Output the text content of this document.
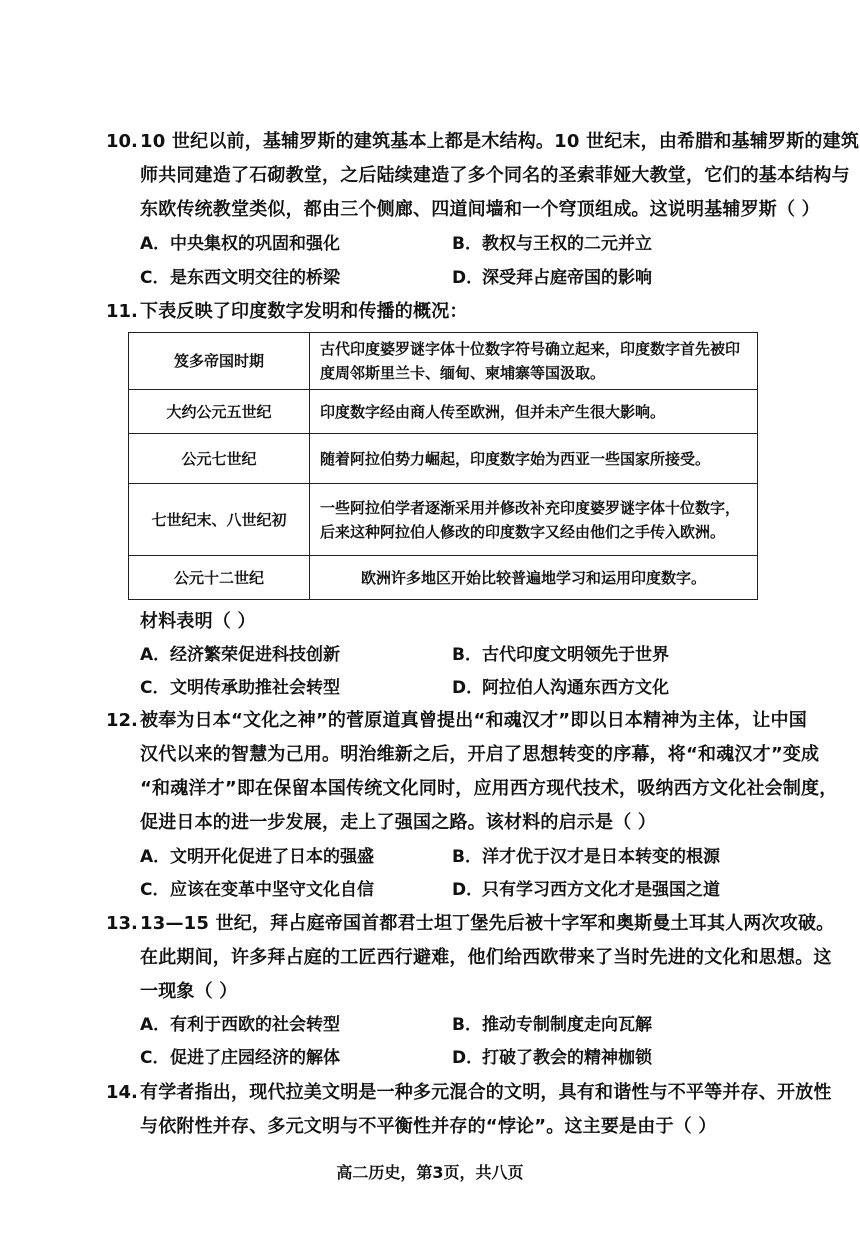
10. 10 世纪以前，基辅罗斯的建筑基本上都是木结构。10 世纪末，由希腊和基辅罗斯的建筑
师共同建造了石砌教堂，之后陆续建造了多个同名的圣索菲娅大教堂，它们的基本结构与
东欧传统教堂类似，都由三个侧廊、四道间墙和一个穹顶组成。这说明基辅罗斯（ ）
A．中央集权的巩固和强化	B．教权与王权的二元并立
C．是东西文明交往的桥梁	D．深受拜占庭帝国的影响
11. 下表反映了印度数字发明和传播的概况：
笈多帝国时期	古代印度婆罗谜字体十位数字符号确立起来，印度数字首先被印度周邻斯里兰卡、缅甸、柬埔寨等国汲取。
大约公元五世纪	印度数字经由商人传至欧洲，但并未产生很大影响。
公元七世纪	随着阿拉伯势力崛起，印度数字始为西亚一些国家所接受。
七世纪末、八世纪初	一些阿拉伯学者逐渐采用并修改补充印度婆罗谜字体十位数字，后来这种阿拉伯人修改的印度数字又经由他们之手传入欧洲。
公元十二世纪	欧洲许多地区开始比较普遍地学习和运用印度数字。
材料表明（ ）
A．经济繁荣促进科技创新	B．古代印度文明领先于世界
C．文明传承助推社会转型	D．阿拉伯人沟通东西方文化
12. 被奉为日本“文化之神”的菅原道真曾提出“和魂汉才”即以日本精神为主体，让中国
汉代以来的智慧为己用。明治维新之后，开启了思想转变的序幕，将“和魂汉才”变成
“和魂洋才”即在保留本国传统文化同时，应用西方现代技术，吸纳西方文化社会制度，
促进日本的进一步发展，走上了强国之路。该材料的启示是（ ）
A．文明开化促进了日本的强盛	B．洋才优于汉才是日本转变的根源
C．应该在变革中坚守文化自信	D．只有学习西方文化才是强国之道
13. 13—15 世纪，拜占庭帝国首都君士坦丁堡先后被十字军和奥斯曼土耳其人两次攻破。
在此期间，许多拜占庭的工匠西行避难，他们给西欧带来了当时先进的文化和思想。这
一现象（ ）
A．有利于西欧的社会转型	B．推动专制制度走向瓦解
C．促进了庄园经济的解体	D．打破了教会的精神枷锁
14. 有学者指出，现代拉美文明是一种多元混合的文明，具有和谐性与不平等并存、开放性
与依附性并存、多元文明与不平衡性并存的“悖论”。这主要是由于（ ）
高二历史，第3页，共八页
